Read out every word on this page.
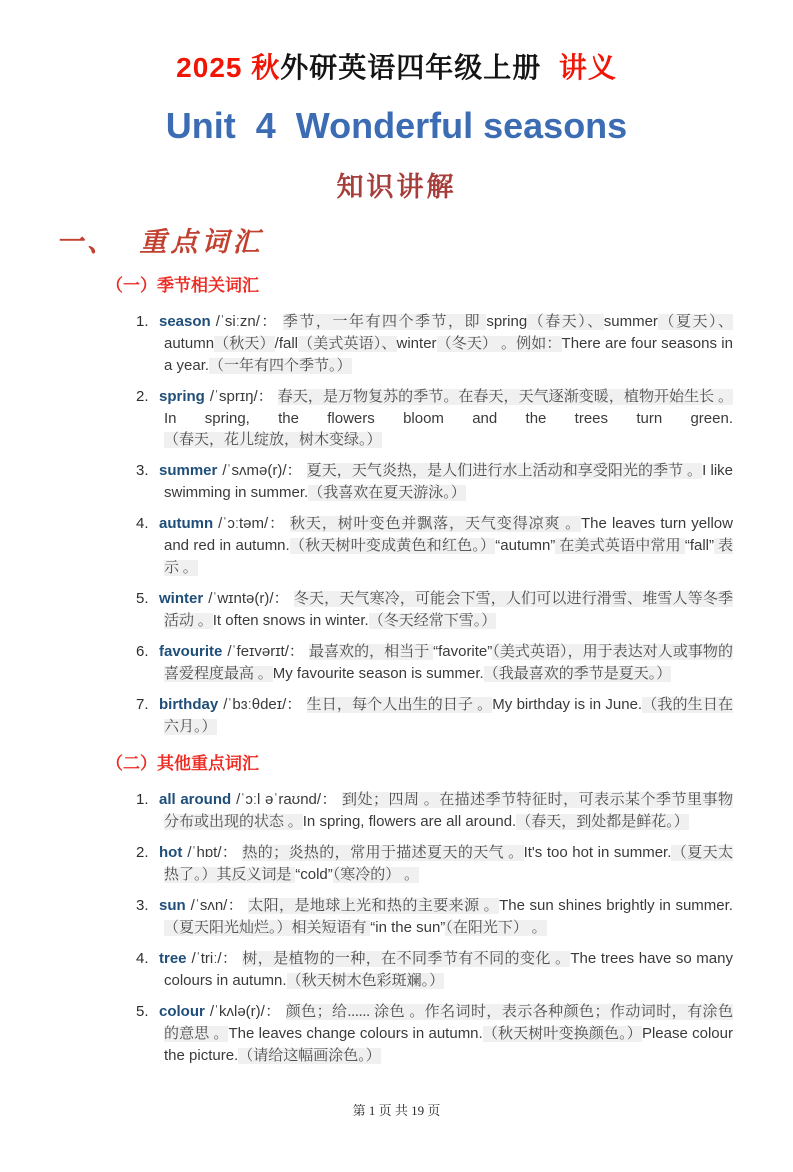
2025 秋外研英语四年级上册  讲义
Unit  4  Wonderful seasons
知识讲解
一、  重点词汇
（一）季节相关词汇
1. season /ˈsiːzn/： 季节，一年有四个季节，即 spring（春天）、summer（夏天）、autumn（秋天）/fall（美式英语）、winter（冬天） 。例如：There are four seasons in a year.（一年有四个季节。）
2. spring /ˈsprɪŋ/： 春天，是万物复苏的季节。在春天，天气逐渐变暖，植物开始生长 。In spring, the flowers bloom and the trees turn green.（春天，花儿绽放，树木变绿。）
3. summer /ˈsʌmə(r)/： 夏天，天气炎热，是人们进行水上活动和享受阳光的季节 。I like swimming in summer.（我喜欢在夏天游泳。）
4. autumn /ˈɔːtəm/： 秋天，树叶变色并飘落，天气变得凉爽 。The leaves turn yellow and red in autumn.（秋天树叶变成黄色和红色。）“autumn” 在美式英语中常用 “fall” 表示 。
5. winter /ˈwɪntə(r)/： 冬天，天气寒冷，可能会下雪，人们可以进行滑雪、堆雪人等冬季活动 。It often snows in winter.（冬天经常下雪。）
6. favourite /ˈfeɪvərɪt/： 最喜欢的，相当于 “favorite”（美式英语），用于表达对人或事物的喜爱程度最高 。My favourite season is summer.（我最喜欢的季节是夏天。）
7. birthday /ˈbɜːθdeɪ/： 生日，每个人出生的日子 。My birthday is in June.（我的生日在六月。）
（二）其他重点词汇
1. all around /ˈɔːl əˈraʊnd/： 到处；四周 。在描述季节特征时，可表示某个季节里事物分布或出现的状态 。In spring, flowers are all around.（春天，到处都是鲜花。）
2. hot /ˈhɒt/： 热的；炎热的，常用于描述夏天的天气 。It's too hot in summer.（夏天太热了。）其反义词是 “cold”（寒冷的） 。
3. sun /ˈsʌn/： 太阳，是地球上光和热的主要来源 。The sun shines brightly in summer.（夏天阳光灿烂。）相关短语有 “in the sun”（在阳光下） 。
4. tree /ˈtriː/： 树，是植物的一种，在不同季节有不同的变化 。The trees have so many colours in autumn.（秋天树木色彩斑斓。）
5. colour /ˈkʌlə(r)/： 颜色；给...... 涂色 。作名词时，表示各种颜色；作动词时，有涂色的意思 。The leaves change colours in autumn.（秋天树叶变换颜色。）Please colour the picture.（请给这幅画涂色。）
第 1 页 共 19 页
